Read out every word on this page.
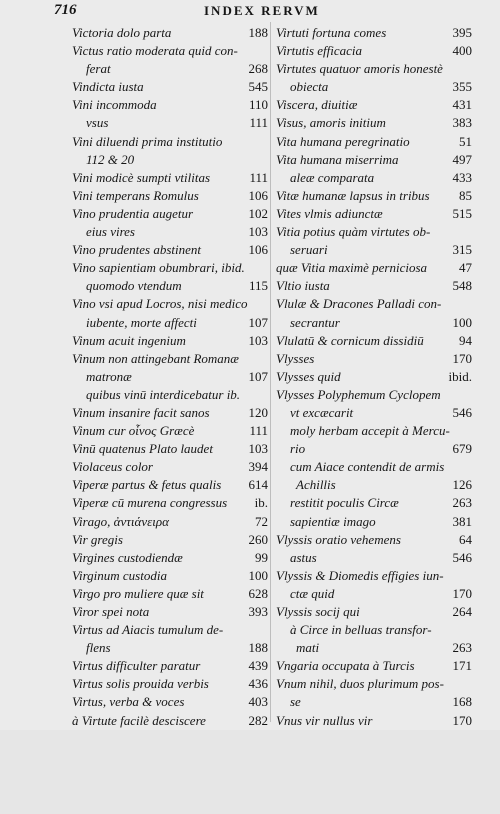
716	INDEX RERVM
Victoria dolo parta	188
Victus ratio moderata quid con-
ferat	268
Vindicta iusta	545
Vini incommoda	110
vsus	111
Vini diluendi prima institutio
112 & 20
Vini modicè sumpti vtilitas	111
Vini temperans Romulus	106
Vino prudentia augetur	102
eius vires	103
Vino prudentes abstinent	106
Vino sapientiam obumbrari, ibid.
quomodo vtendum	115
Vino vsi apud Locros, nisi medico
iubente, morte affecti	107
Vinum acuit ingenium	103
Vinum non attingebant Romanæ
matronæ	107
quibus vinū interdicebatur ib.
Vinum insanire facit sanos	120
Vinum cur οἶνος Græcè	111
Vinū quatenus Plato laudet	103
Violaceus color	394
Viperæ partus & fetus qualis 614
Viperæ cū murena congressus ib.
Virago, ἀντιάνειρα	72
Vir gregis	260
Virgines custodiendæ	99
Virginum custodia	100
Virgo pro muliere quæ sit	628
Viror spei nota	393
Virtus ad Aiacis tumulum de-
flens	188
Virtus difficulter paratur	439
Virtus solis prouida verbis	436
Virtus, verba & voces	403
à Virtute facilè desciscere	282
Virtuti fortuna comes	395
Virtutis efficacia	400
Virtutes quatuor amoris honestè
obiecta	355
Viscera, diuitiæ	431
Visus, amoris initium	383
Vita humana peregrinatio	51
Vita humana miserrima	497
aleæ comparata	433
Vitæ humanæ lapsus in tribus 85
Vites vlmis adiunctæ	515
Vitia potius quàm virtutes ob-
seruari	315
quæ Vitia maximè perniciosa 47
Vltio iusta	548
Vlulæ & Dracones Palladi con-
secrantur	100
Vlulatū & cornicum dissidiū	94
Vlysses	170
Vlysses quid	ibid.
Vlysses Polyphemum Cyclopem
vt excæcarit	546
moly herbam accepit à Mercu-
rio	679
cum Aiace contendit de armis
Achillis	126
restitit poculis Circæ	263
sapientiæ imago	381
Vlyssis oratio vehemens	64
astus	546
Vlyssis & Diomedis effigies iun-
ctæ quid	170
Vlyssis socij qui	264
à Circe in belluas transfor-
mati	263
Vngaria occupata à Turcis	171
Vnum nihil, duos plurimum pos-
se	168
Vnus vir nullus vir	170
